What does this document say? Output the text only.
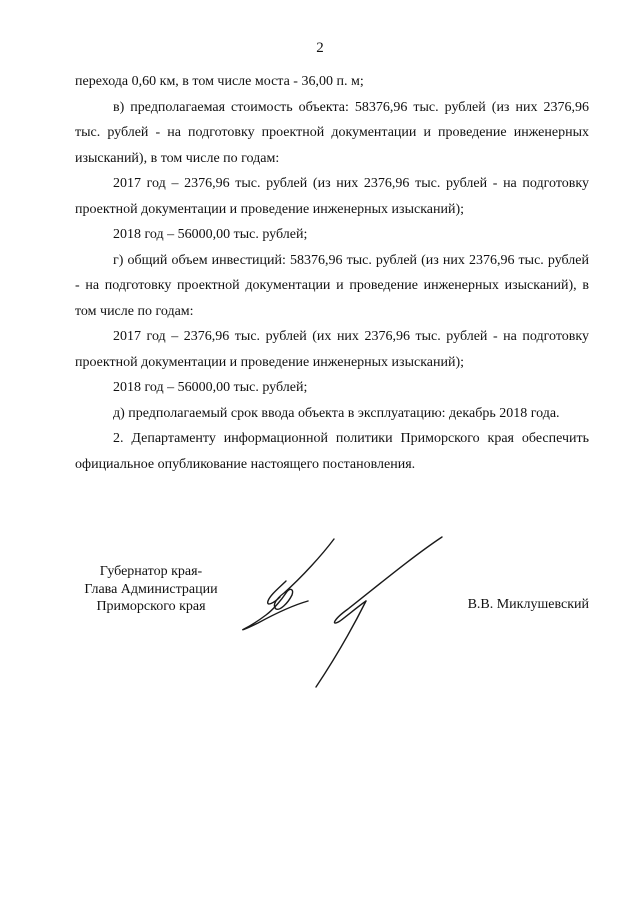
2

перехода 0,60 км, в том числе моста - 36,00 п. м;

в) предполагаемая стоимость объекта: 58376,96 тыс. рублей (из них 2376,96 тыс. рублей - на подготовку проектной документации и проведение инженерных изысканий), в том числе по годам:

2017 год – 2376,96 тыс. рублей (из них 2376,96 тыс. рублей - на подготовку проектной документации и проведение инженерных изысканий);

2018 год – 56000,00 тыс. рублей;

г) общий объем инвестиций: 58376,96 тыс. рублей (из них 2376,96 тыс. рублей - на подготовку проектной документации и проведение инженерных изысканий), в том числе по годам:

2017 год – 2376,96 тыс. рублей (их них 2376,96 тыс. рублей - на подготовку проектной документации и проведение инженерных изысканий);

2018 год – 56000,00 тыс. рублей;

д) предполагаемый срок ввода объекта в эксплуатацию: декабрь 2018 года.

2. Департаменту информационной политики Приморского края обеспечить официальное опубликование настоящего постановления.

Губернатор края-
Глава Администрации
Приморского края	В.В. Миклушевский
